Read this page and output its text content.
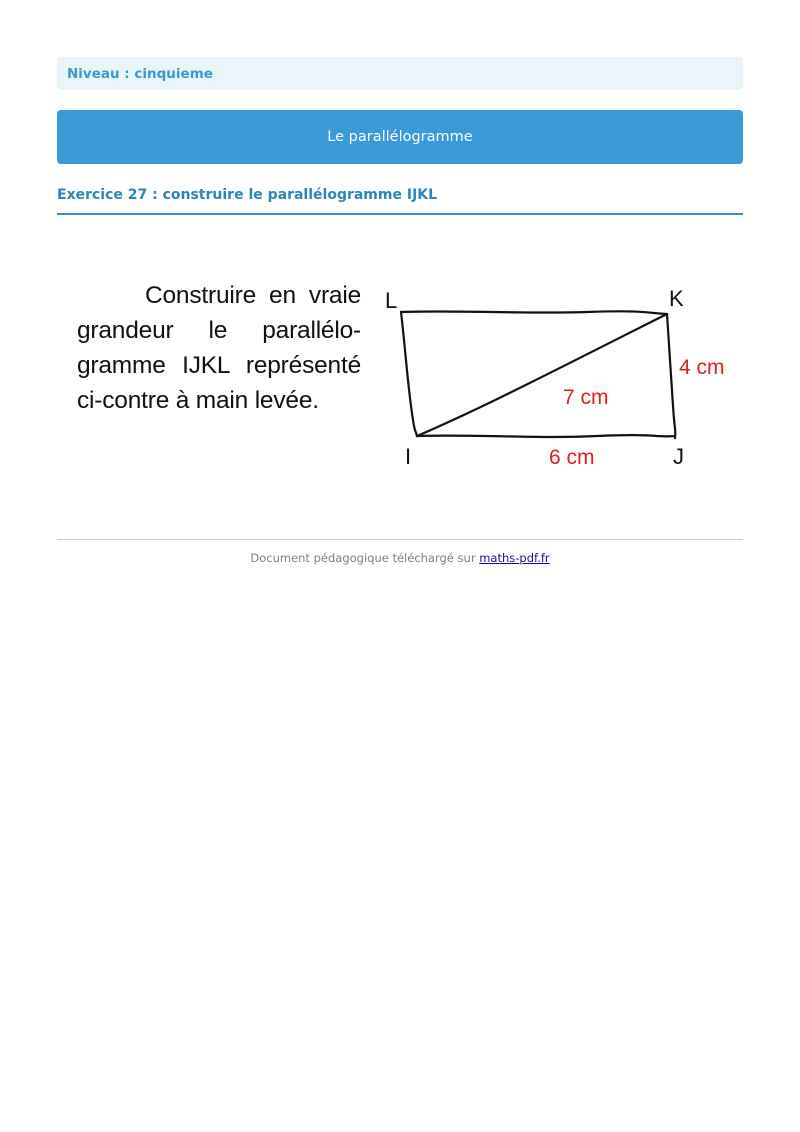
Niveau : cinquieme
Le parallélogramme
Exercice 27 : construire le parallélogramme IJKL
Construire en vraie grandeur le parallélo-gramme IJKL représenté ci-contre à main levée.
L	K
I	J
4 cm
7 cm
6 cm
Document pédagogique téléchargé sur maths-pdf.fr
